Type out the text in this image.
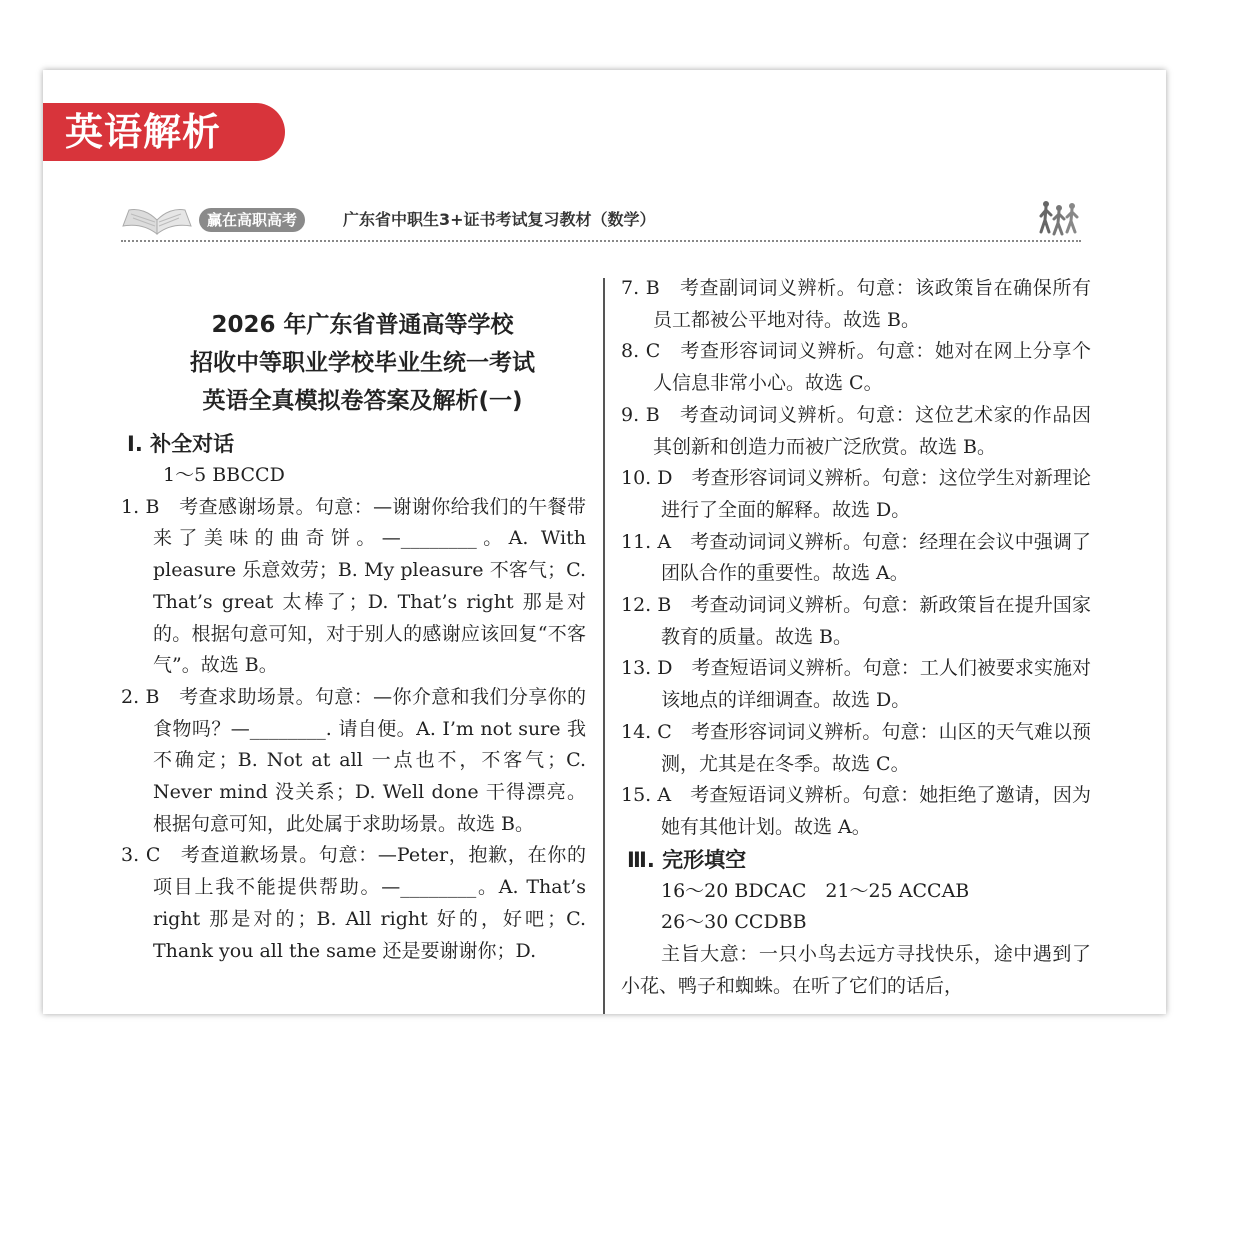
英语解析
赢在高职高考	广东省中职生3+证书考试复习教材（数学）
2026 年广东省普通高等学校
招收中等职业学校毕业生统一考试
英语全真模拟卷答案及解析(一)

Ⅰ. 补全对话

1～5 BBCCD

1. B　考查感谢场景。句意：—谢谢你给我们的午餐带来了美味的曲奇饼。—________。A. With pleasure 乐意效劳；B. My pleasure 不客气；C. That’s great 太棒了；D. That’s right 那是对的。根据句意可知，对于别人的感谢应该回复“不客气”。故选 B。

2. B　考查求助场景。句意：—你介意和我们分享你的食物吗？—________. 请自便。A. I’m not sure 我不确定；B. Not at all 一点也不，不客气；C. Never mind 没关系；D. Well done 干得漂亮。根据句意可知，此处属于求助场景。故选 B。

3. C　考查道歉场景。句意：—Peter，抱歉，在你的项目上我不能提供帮助。—________。A. That’s right 那是对的；B. All right 好的，好吧；C. Thank you all the same 还是要谢谢你；D.

7. B　考查副词词义辨析。句意：该政策旨在确保所有员工都被公平地对待。故选 B。

8. C　考查形容词词义辨析。句意：她对在网上分享个人信息非常小心。故选 C。

9. B　考查动词词义辨析。句意：这位艺术家的作品因其创新和创造力而被广泛欣赏。故选 B。

10. D　考查形容词词义辨析。句意：这位学生对新理论进行了全面的解释。故选 D。

11. A　考查动词词义辨析。句意：经理在会议中强调了团队合作的重要性。故选 A。

12. B　考查动词词义辨析。句意：新政策旨在提升国家教育的质量。故选 B。

13. D　考查短语词义辨析。句意：工人们被要求实施对该地点的详细调查。故选 D。

14. C　考查形容词词义辨析。句意：山区的天气难以预测，尤其是在冬季。故选 C。

15. A　考查短语词义辨析。句意：她拒绝了邀请，因为她有其他计划。故选 A。

Ⅲ. 完形填空

16～20 BDCAC　21～25 ACCAB

26～30 CCDBB

主旨大意：一只小鸟去远方寻找快乐，途中遇到了小花、鸭子和蜘蛛。在听了它们的话后，
